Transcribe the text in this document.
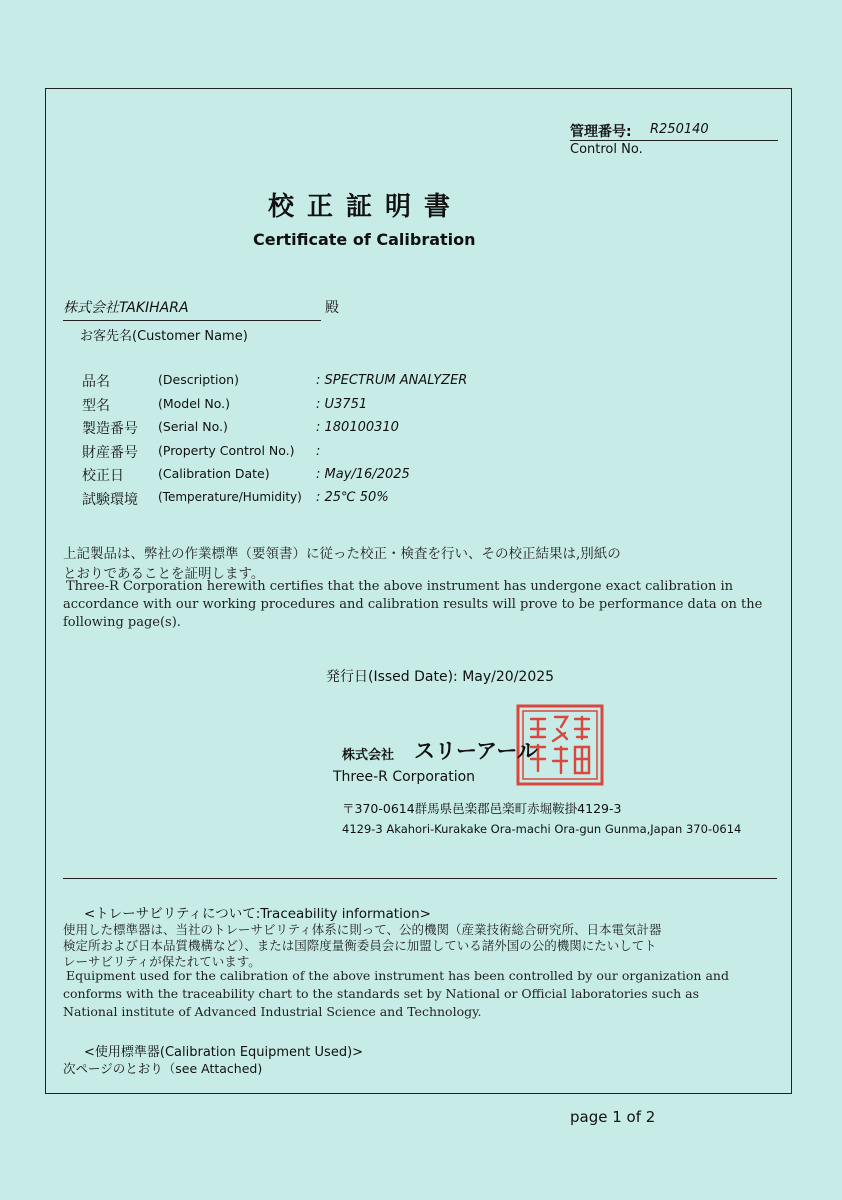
管理番号: R250140
Control No.
校正証明書
Certificate of Calibration
株式会社TAKIHARA	殿
お客先名(Customer Name)
品名	(Description)	: SPECTRUM ANALYZER
型名	(Model No.)	: U3751
製造番号 (Serial No.)	: 180100310
財産番号 (Property Control No.) :
校正日	(Calibration Date)	: May/16/2025
試験環境 (Temperature/Humidity) : 25℃ 50%
上記製品は、弊社の作業標準（要領書）に従った校正・検査を行い、その校正結果は,別紙の
とおりであることを証明します。
Three-R Corporation herewith certifies that the above instrument has undergone exact calibration in
accordance with our working procedures and calibration results will prove to be performance data on the
following page(s).
発行日(Issed Date): May/20/2025
株式会社 スリーアール
Three-R Corporation
〒370-0614群馬県邑楽郡邑楽町赤堀鞍掛4129-3
4129-3 Akahori-Kurakake Ora-machi Ora-gun Gunma,Japan 370-0614
<トレーサビリティについて:Traceability information>
使用した標準器は、当社のトレーサビリティ体系に則って、公的機関（産業技術総合研究所、日本電気計器
検定所および日本品質機構など）、または国際度量衡委員会に加盟している諸外国の公的機関にたいしてト
レーサビリティが保たれています。
Equipment used for the calibration of the above instrument has been controlled by our organization and
conforms with the traceability chart to the standards set by National or Official laboratories such as
National institute of Advanced Industrial Science and Technology.
<使用標準器(Calibration Equipment Used)>
次ページのとおり（see Attached)
page 1 of 2
